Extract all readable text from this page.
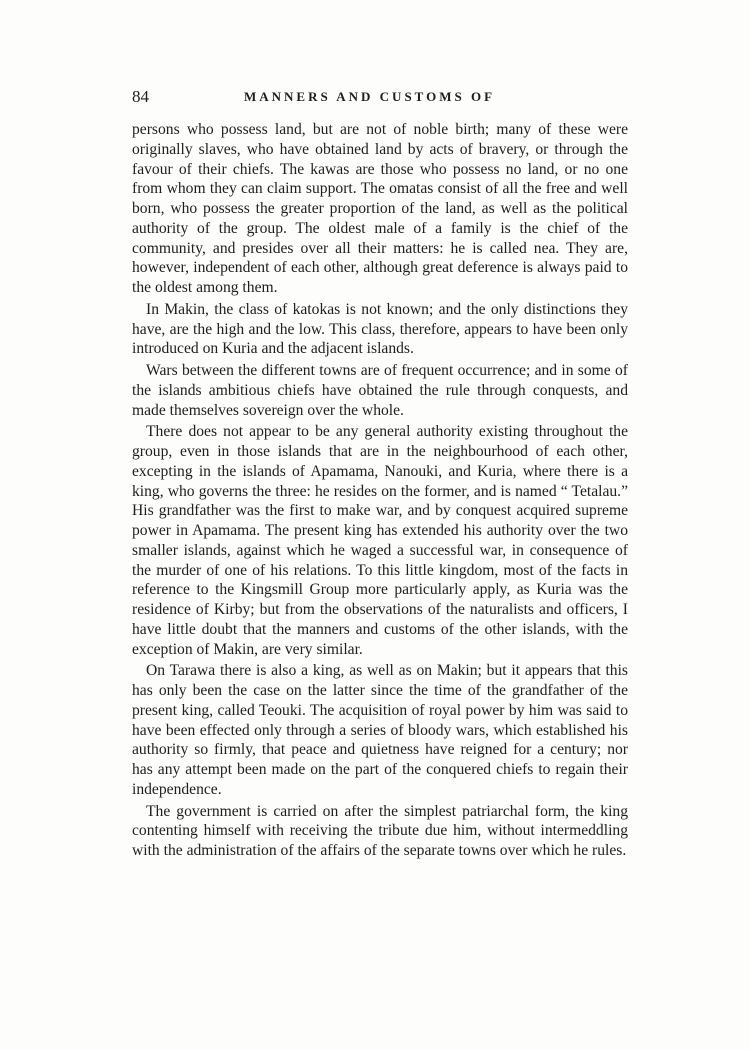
84	MANNERS AND CUSTOMS OF

persons who possess land, but are not of noble birth; many of these were originally slaves, who have obtained land by acts of bravery, or through the favour of their chiefs. The kawas are those who possess no land, or no one from whom they can claim support. The omatas consist of all the free and well born, who possess the greater proportion of the land, as well as the political authority of the group. The oldest male of a family is the chief of the community, and presides over all their matters: he is called nea. They are, however, independent of each other, although great deference is always paid to the oldest among them.

In Makin, the class of katokas is not known; and the only distinctions they have, are the high and the low. This class, therefore, appears to have been only introduced on Kuria and the adjacent islands.

Wars between the different towns are of frequent occurrence; and in some of the islands ambitious chiefs have obtained the rule through conquests, and made themselves sovereign over the whole.

There does not appear to be any general authority existing throughout the group, even in those islands that are in the neighbourhood of each other, excepting in the islands of Apamama, Nanouki, and Kuria, where there is a king, who governs the three: he resides on the former, and is named “ Tetalau.” His grandfather was the first to make war, and by conquest acquired supreme power in Apamama. The present king has extended his authority over the two smaller islands, against which he waged a successful war, in consequence of the murder of one of his relations. To this little kingdom, most of the facts in reference to the Kingsmill Group more particularly apply, as Kuria was the residence of Kirby; but from the observations of the naturalists and officers, I have little doubt that the manners and customs of the other islands, with the exception of Makin, are very similar.

On Tarawa there is also a king, as well as on Makin; but it appears that this has only been the case on the latter since the time of the grandfather of the present king, called Teouki. The acquisition of royal power by him was said to have been effected only through a series of bloody wars, which established his authority so firmly, that peace and quietness have reigned for a century; nor has any attempt been made on the part of the conquered chiefs to regain their independence.

The government is carried on after the simplest patriarchal form, the king contenting himself with receiving the tribute due him, without intermeddling with the administration of the affairs of the separate towns over which he rules.
